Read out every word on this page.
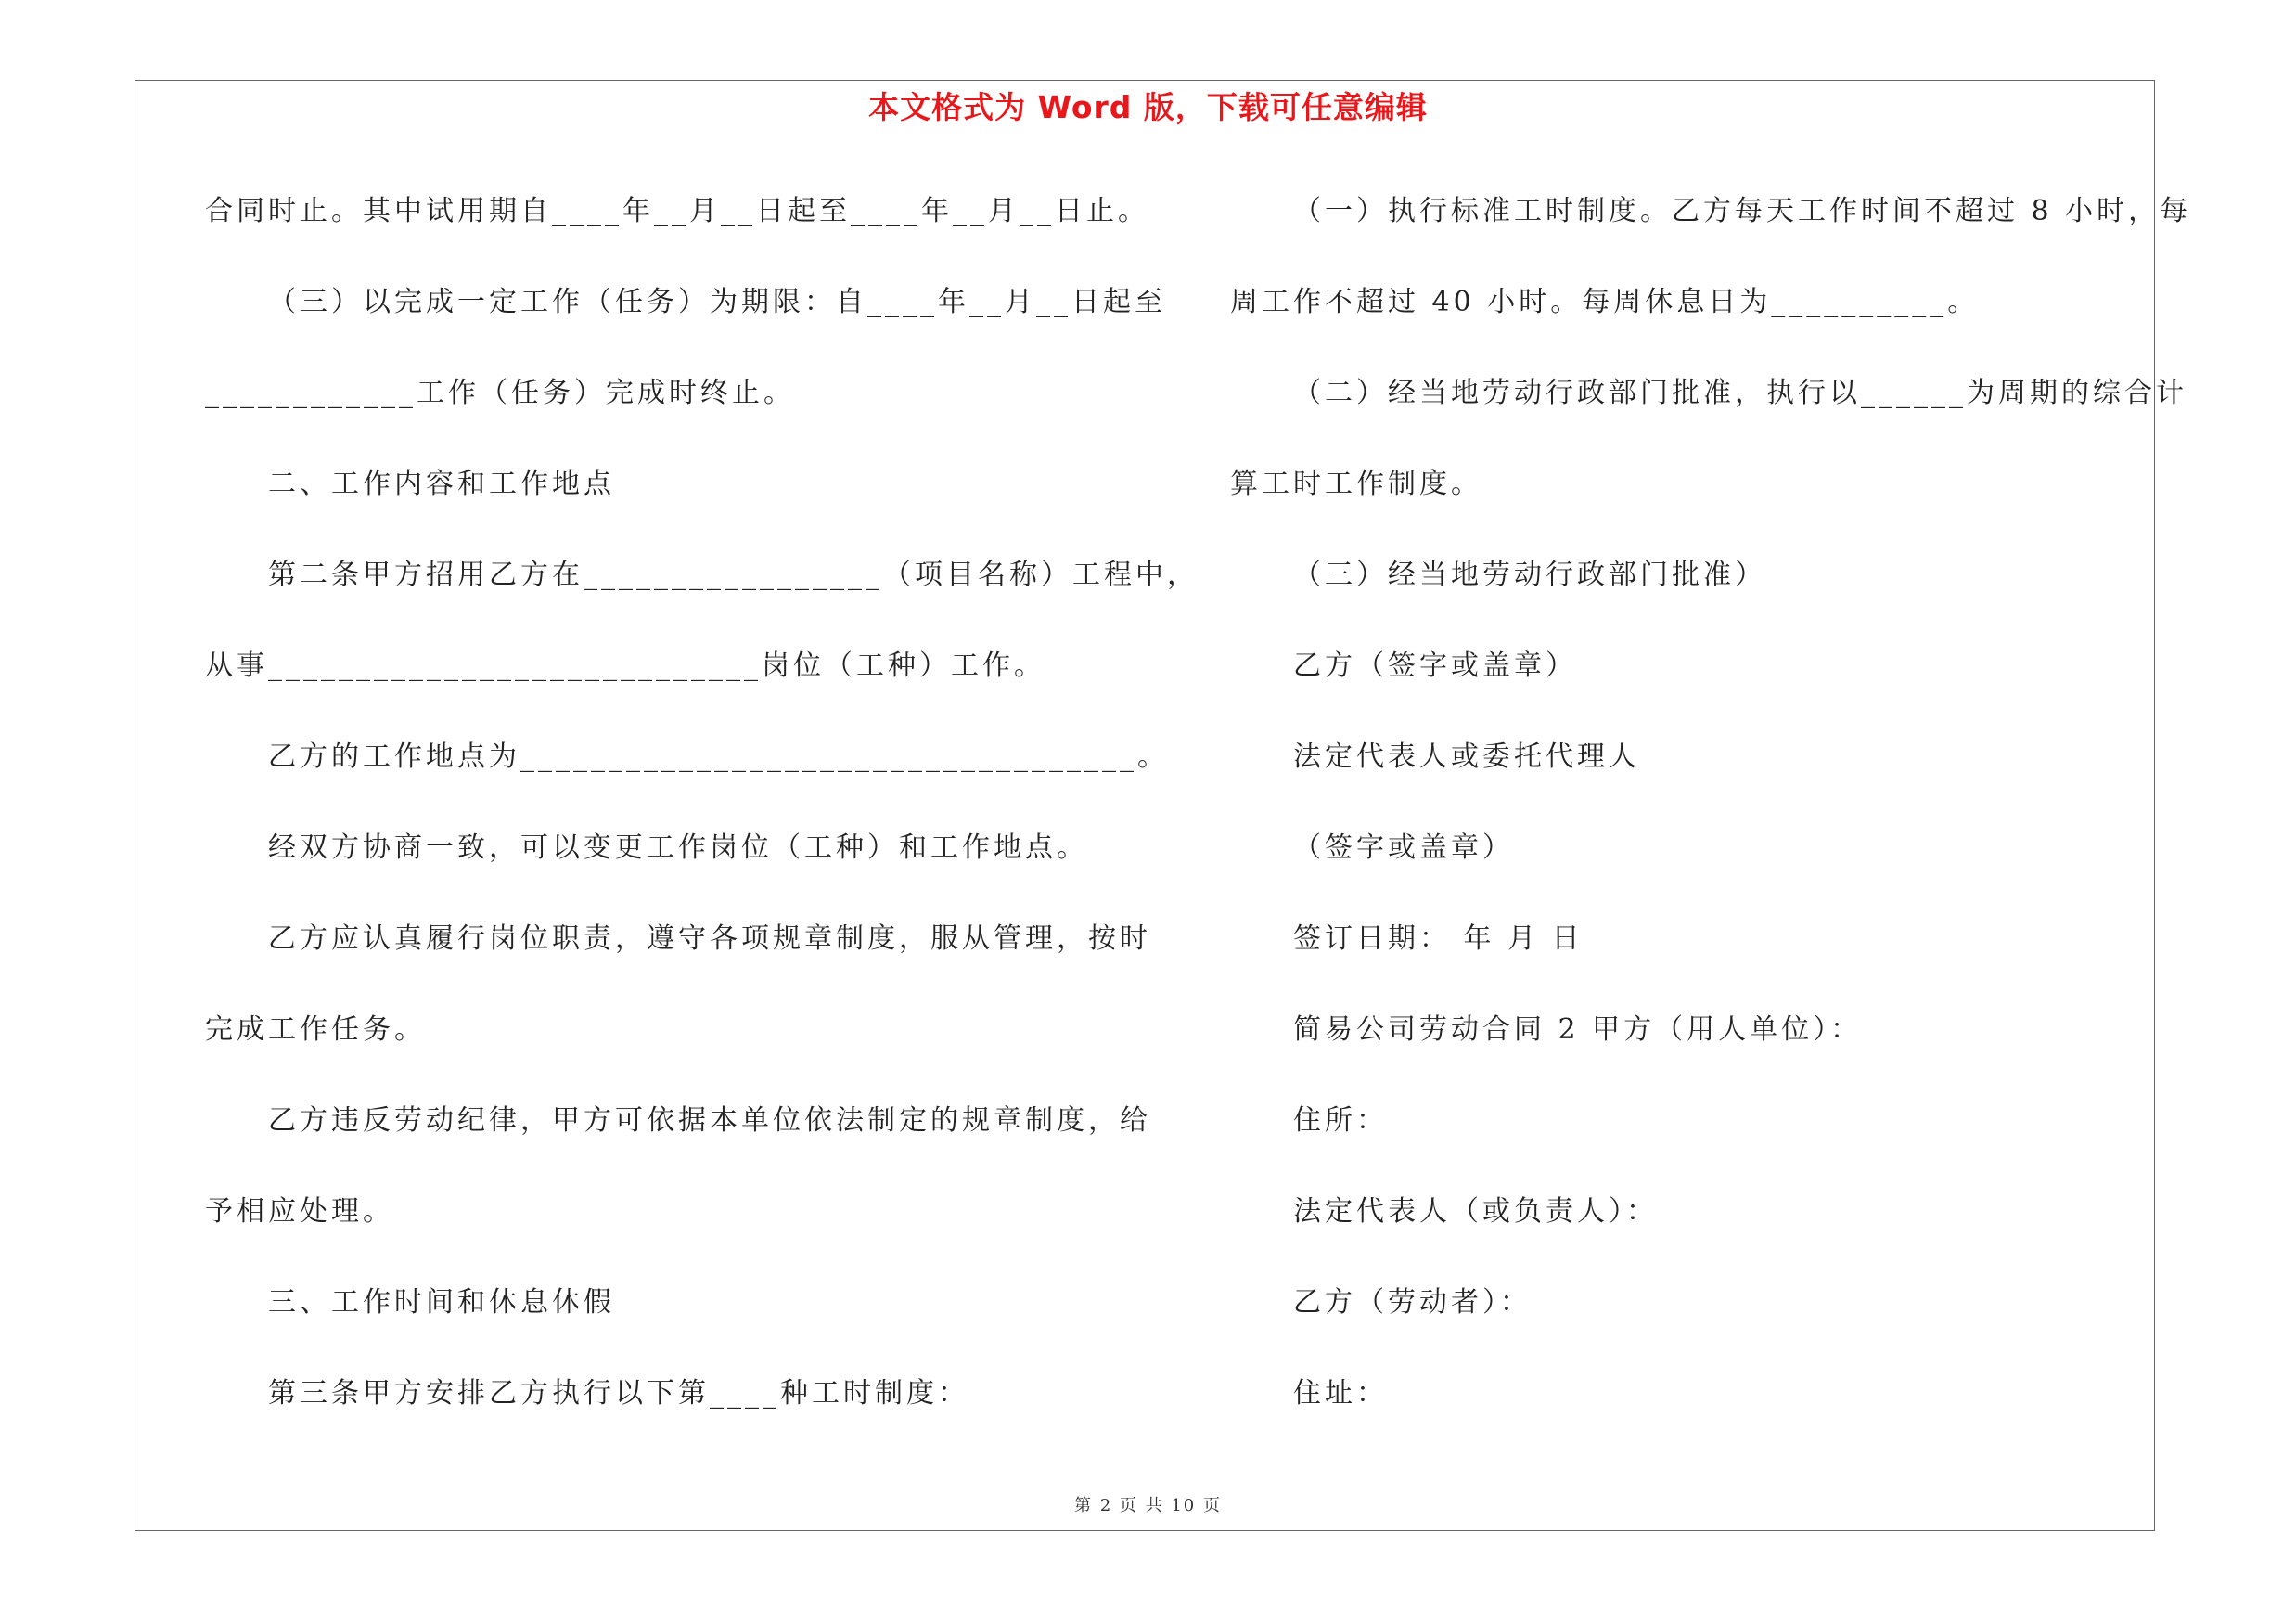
本文格式为 Word 版，下载可任意编辑
合同时止。其中试用期自____年__月__日起至____年__月__日止。
（三）以完成一定工作（任务）为期限：自____年__月__日起至
____________工作（任务）完成时终止。
二、工作内容和工作地点
第二条甲方招用乙方在_________________（项目名称）工程中，
从事____________________________岗位（工种）工作。
乙方的工作地点为___________________________________。
经双方协商一致，可以变更工作岗位（工种）和工作地点。
乙方应认真履行岗位职责，遵守各项规章制度，服从管理，按时
完成工作任务。
乙方违反劳动纪律，甲方可依据本单位依法制定的规章制度，给
予相应处理。
三、工作时间和休息休假
第三条甲方安排乙方执行以下第____种工时制度：
（一）执行标准工时制度。乙方每天工作时间不超过 8 小时，每
周工作不超过 40 小时。每周休息日为__________。
（二）经当地劳动行政部门批准，执行以______为周期的综合计
算工时工作制度。
（三）经当地劳动行政部门批准）
乙方（签字或盖章）
法定代表人或委托代理人
（签字或盖章）
签订日期： 年 月 日
简易公司劳动合同 2 甲方（用人单位）：
住所：
法定代表人（或负责人）：
乙方（劳动者）：
住址：
第 2 页 共 10 页
